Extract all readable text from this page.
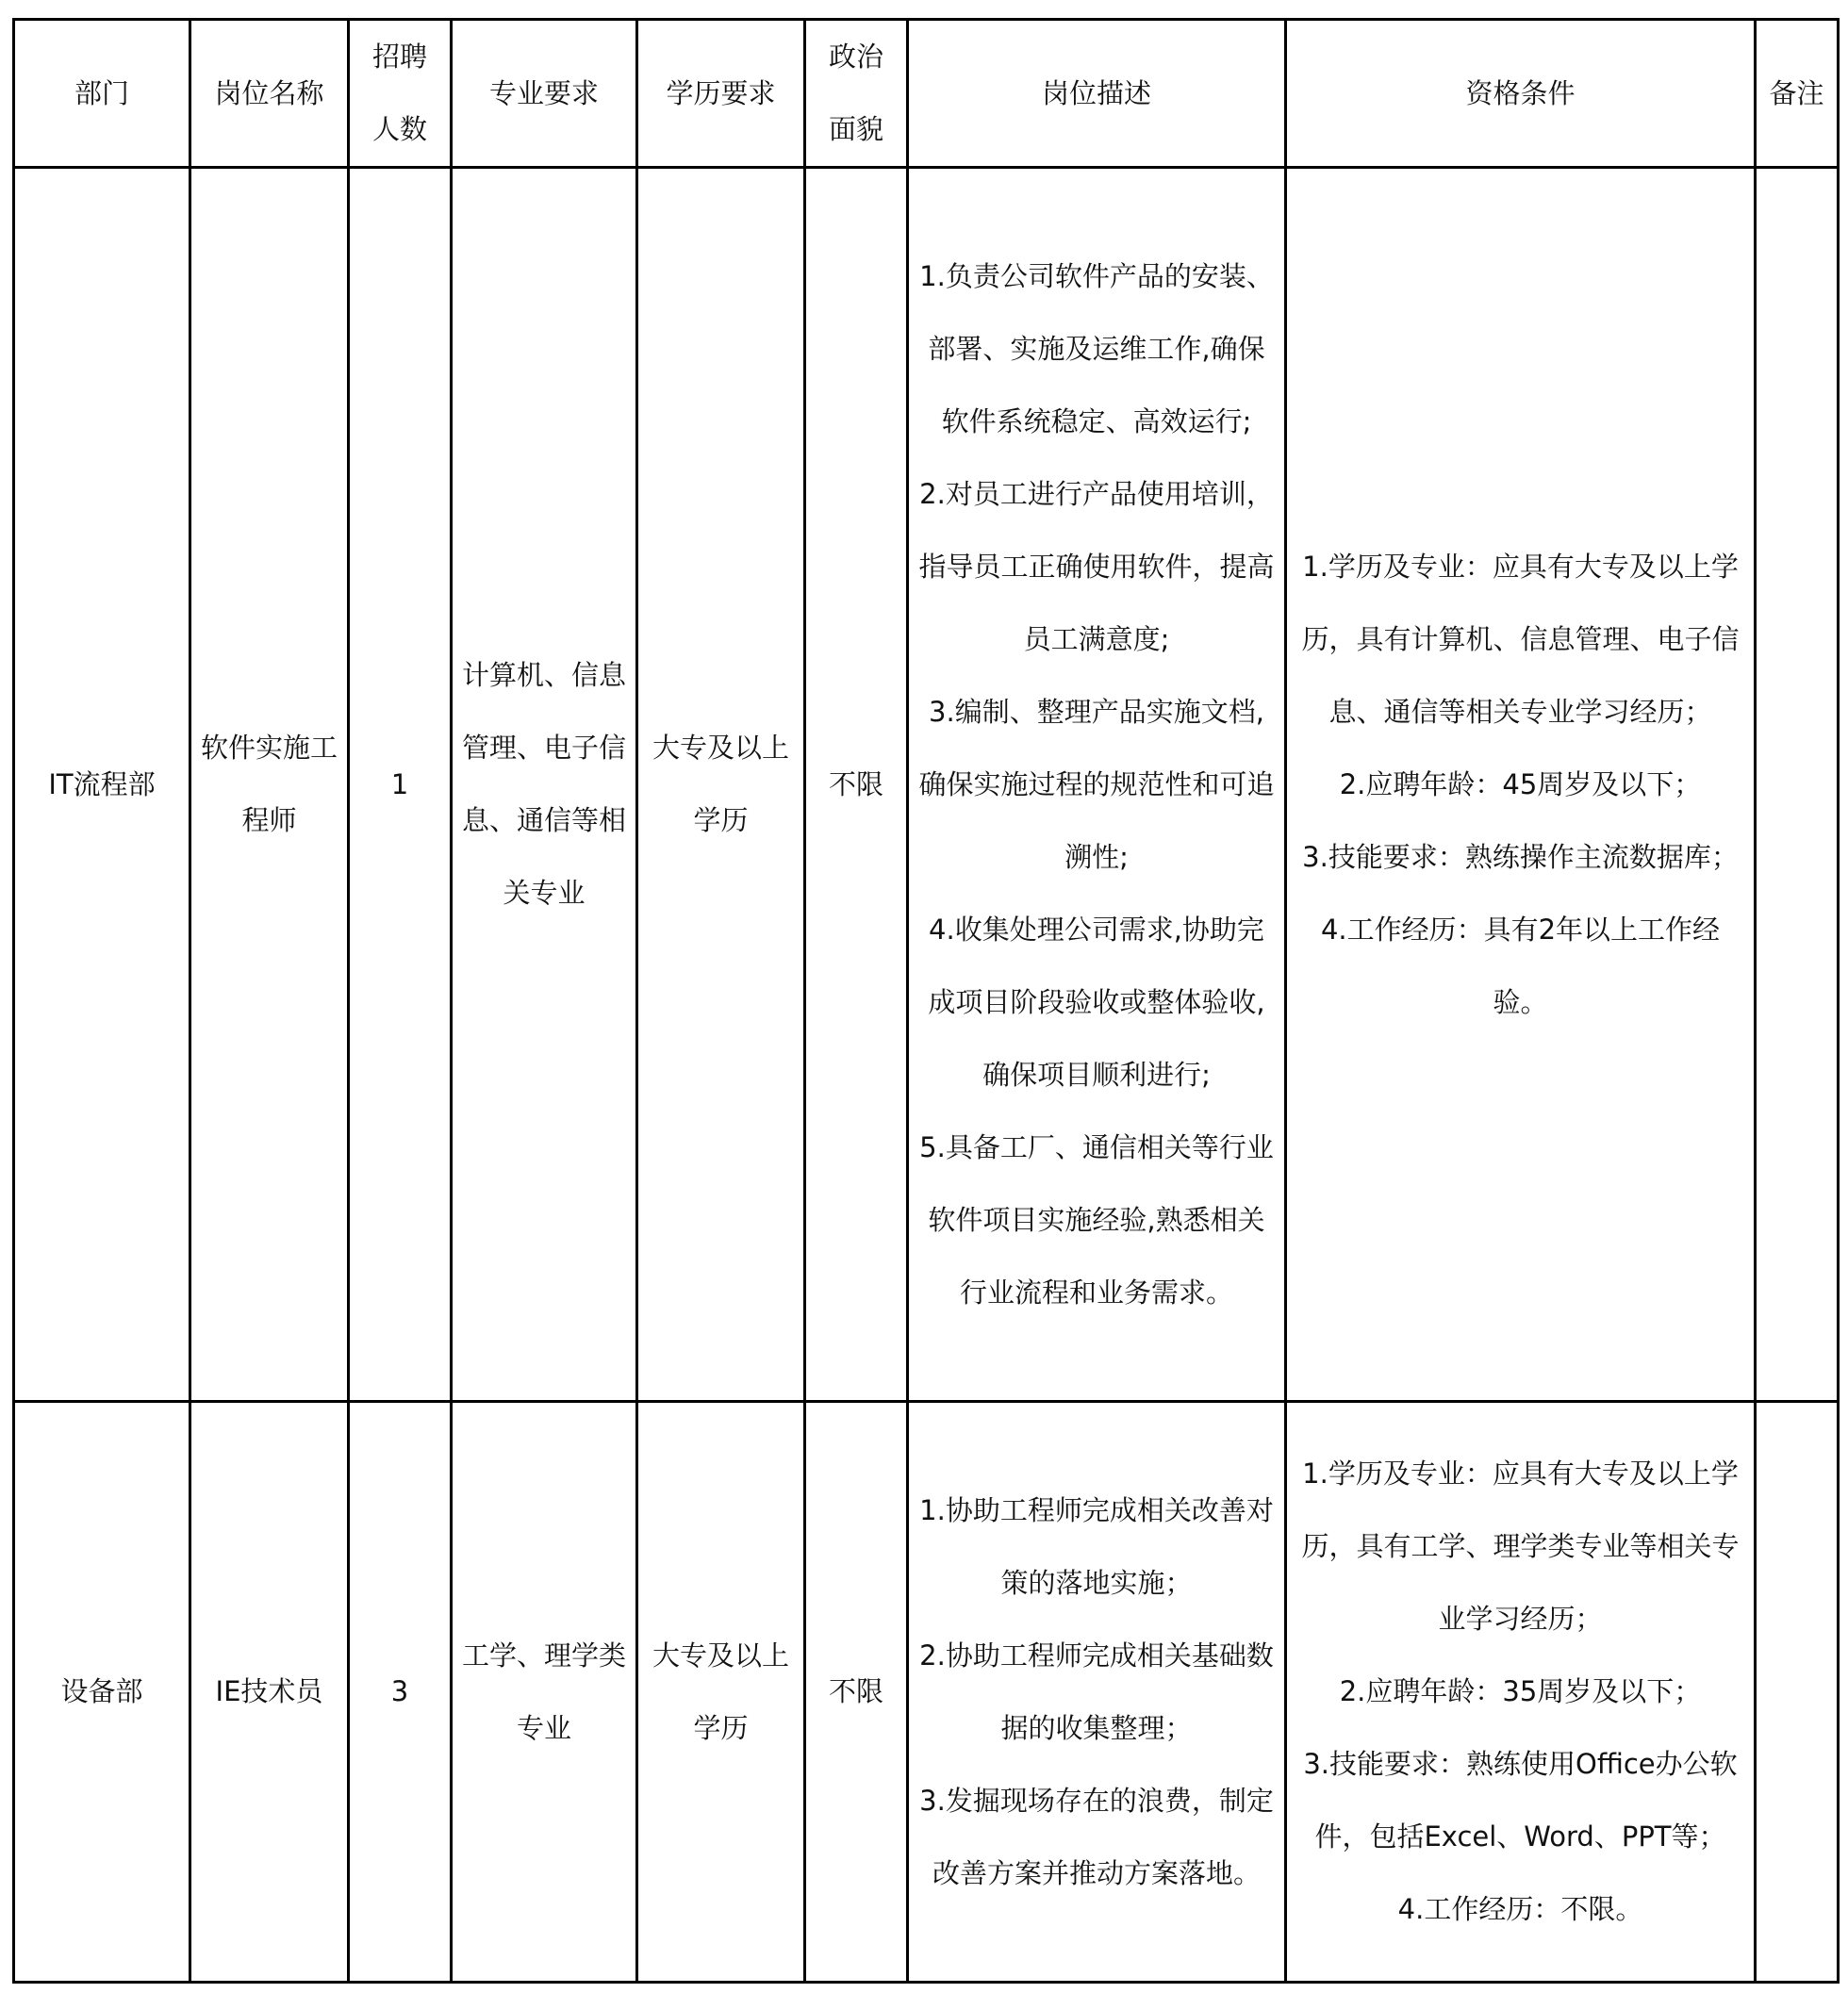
部门	岗位名称	招聘人数	专业要求	学历要求	政治面貌	岗位描述	资格条件	备注
IT流程部	软件实施工程师	1	计算机、信息管理、电子信息、通信等相关专业	大专及以上学历	不限	1.负责公司软件产品的安装、部署、实施及运维工作,确保软件系统稳定、高效运行;
2.对员工进行产品使用培训，指导员工正确使用软件，提高员工满意度;
3.编制、整理产品实施文档,确保实施过程的规范性和可追溯性;
4.收集处理公司需求,协助完成项目阶段验收或整体验收,确保项目顺利进行;
5.具备工厂、通信相关等行业软件项目实施经验,熟悉相关行业流程和业务需求。	1.学历及专业：应具有大专及以上学历，具有计算机、信息管理、电子信息、通信等相关专业学习经历；
2.应聘年龄：45周岁及以下；
3.技能要求：熟练操作主流数据库；
4.工作经历：具有2年以上工作经验。	

设备部	IE技术员	3	工学、理学类专业	大专及以上学历	不限	1.协助工程师完成相关改善对策的落地实施；
2.协助工程师完成相关基础数据的收集整理；
3.发掘现场存在的浪费，制定改善方案并推动方案落地。	1.学历及专业：应具有大专及以上学历，具有工学、理学类专业等相关专业学习经历；
2.应聘年龄：35周岁及以下；
3.技能要求：熟练使用Office办公软件，包括Excel、Word、PPT等；
4.工作经历：不限。	
